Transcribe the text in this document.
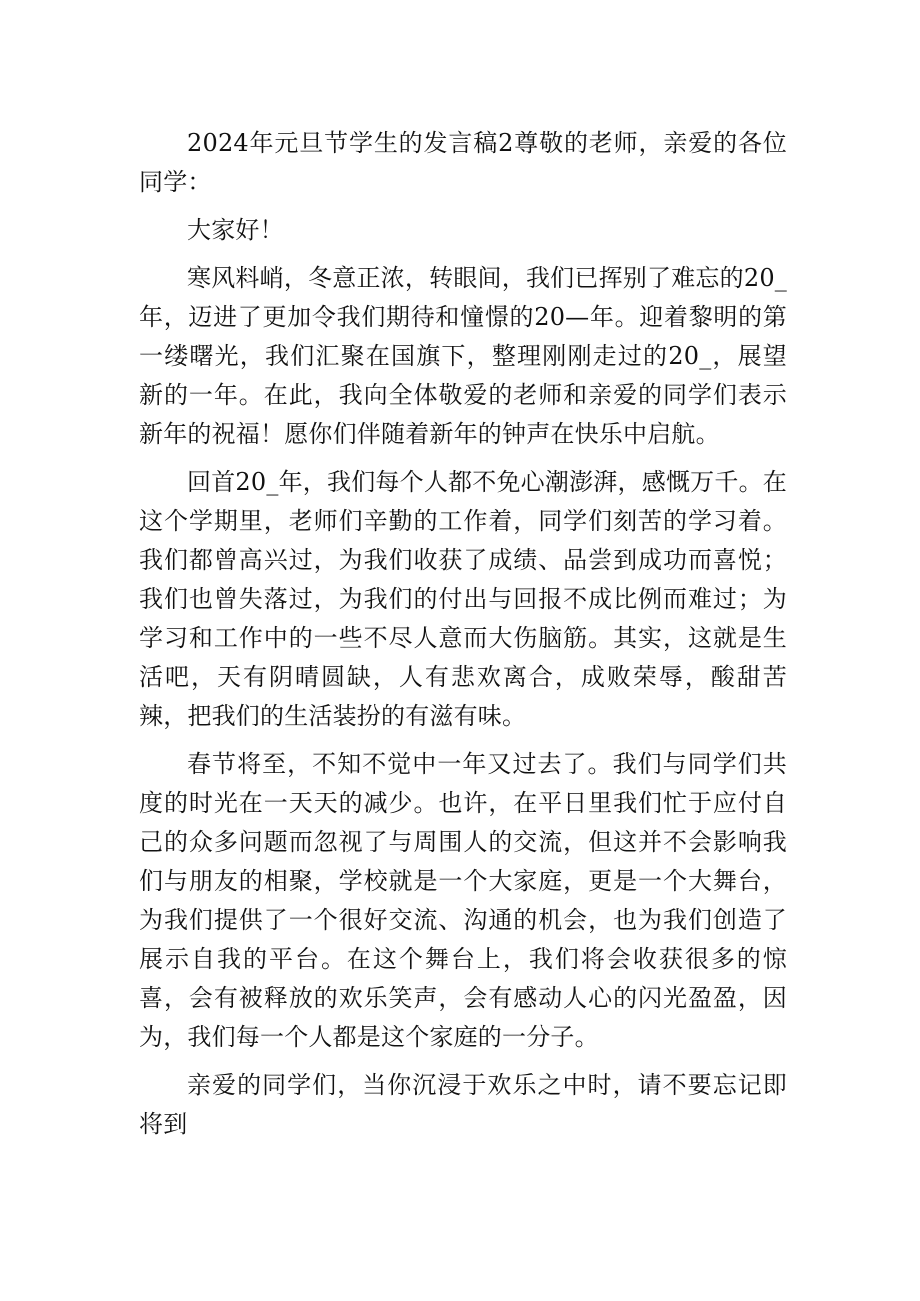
2024年元旦节学生的发言稿2尊敬的老师，亲爱的各位同学：

大家好！

寒风料峭，冬意正浓，转眼间，我们已挥别了难忘的20_年，迈进了更加令我们期待和憧憬的20—年。迎着黎明的第一缕曙光，我们汇聚在国旗下，整理刚刚走过的20_，展望新的一年。在此，我向全体敬爱的老师和亲爱的同学们表示新年的祝福！愿你们伴随着新年的钟声在快乐中启航。

回首20_年，我们每个人都不免心潮澎湃，感慨万千。在这个学期里，老师们辛勤的工作着，同学们刻苦的学习着。我们都曾高兴过，为我们收获了成绩、品尝到成功而喜悦；我们也曾失落过，为我们的付出与回报不成比例而难过；为学习和工作中的一些不尽人意而大伤脑筋。其实，这就是生活吧，天有阴晴圆缺，人有悲欢离合，成败荣辱，酸甜苦辣，把我们的生活装扮的有滋有味。

春节将至，不知不觉中一年又过去了。我们与同学们共度的时光在一天天的减少。也许，在平日里我们忙于应付自己的众多问题而忽视了与周围人的交流，但这并不会影响我们与朋友的相聚，学校就是一个大家庭，更是一个大舞台，为我们提供了一个很好交流、沟通的机会，也为我们创造了展示自我的平台。在这个舞台上，我们将会收获很多的惊喜，会有被释放的欢乐笑声，会有感动人心的闪光盈盈，因为，我们每一个人都是这个家庭的一分子。

亲爱的同学们，当你沉浸于欢乐之中时，请不要忘记即将到
